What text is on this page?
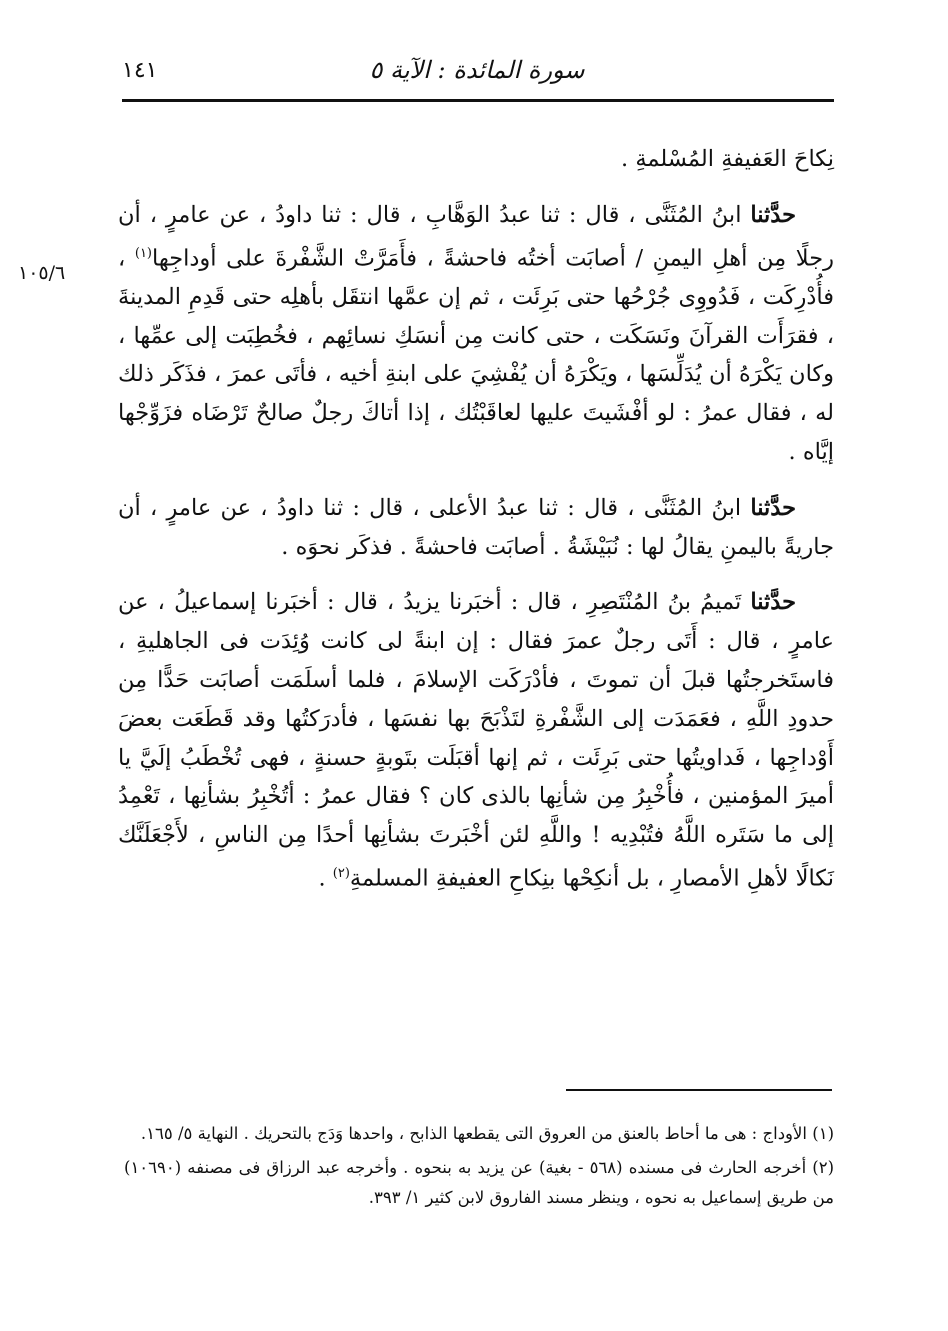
سورة المائدة : الآية ٥
١٤١
١٠٥/٦

نِكاحَ العَفيفةِ المُسْلمةِ .

حدَّثنا ابنُ المُثَنَّى ، قال : ثنا عبدُ الوَهَّابِ ، قال : ثنا داودُ ، عن عامرٍ ، أن رجلًا مِن أهلِ اليمنِ / أصابَت أختُه فاحشةً ، فأَمَرَّتْ الشَّفْرةَ على أوداجِها$^{(١)}$ ، فأُدْرِكَت ، فَدُووِى جُرْحُها حتى بَرِئَت ، ثم إن عمَّها انتقَل بأهلِه حتى قَدِمِ المدينةَ ، فقرَأَت القرآنَ ونَسَكَت ، حتى كانت مِن أنسَكِ نسائِهم ، فخُطِبَت إلى عمِّها ، وكان يَكْرَهُ أن يُدَلِّسَها ، ويَكْرَهُ أن يُفْشِيَ على ابنةِ أخيه ، فأتَى عمرَ ، فذَكَر ذلك له ، فقال عمرُ : لو أفْشَيتَ عليها لعاقَبْتُك ، إذا أتاكَ رجلٌ صالحٌ تَرْضَاه فزَوِّجْها إيَّاه .

حدَّثنا ابنُ المُثَنَّى ، قال : ثنا عبدُ الأعلى ، قال : ثنا داودُ ، عن عامرٍ ، أن جاريةً باليمنِ يقالُ لها : نُبَيْشَةُ . أصابَت فاحشةً . فذكَر نحوَه .

حدَّثنا تَميمُ بنُ المُنْتَصِرِ ، قال : أخبَرنا يزيدُ ، قال : أخبَرنا إسماعيلُ ، عن عامرٍ ، قال : أَتَى رجلٌ عمرَ فقال : إن ابنةً لى كانت وُئِدَت فى الجاهليةِ ، فاستَخرجتُها قبلَ أن تموتَ ، فأدْرَكَت الإسلامَ ، فلما أسلَمَت أصابَت حَدًّا مِن حدودِ اللَّهِ ، فعَمَدَت إلى الشَّفْرةِ لتَذْبَحَ بها نفسَها ، فأدرَكتُها وقد قَطَعَت بعضَ أَوْداجِها ، فَداويتُها حتى بَرِئَت ، ثم إنها أقبَلَت بتَوبةٍ حسنةٍ ، فهى تُخْطَبُ إلَيَّ يا أميرَ المؤمنين ، فأُخْبِرُ مِن شأنِها بالذى كان ؟ فقال عمرُ : أتُخْبِرُ بشأنِها ، تَعْمِدُ إلى ما سَتَره اللَّهُ فتُبْدِيه ! واللَّهِ لئن أخْبَرتَ بشأنِها أحدًا مِن الناسِ ، لأَجْعَلَنَّك نَكالًا لأهلِ الأمصارِ ، بل أنكِحْها بنِكاحِ العفيفةِ المسلمةِ$^{(٢)}$ .

(١) الأوداج : هى ما أحاط بالعنق من العروق التى يقطعها الذابح ، واحدها وَدَج بالتحريك . النهاية ٥/ ١٦٥.

(٢) أخرجه الحارث فى مسنده (٥٦٨ - بغية) عن يزيد به بنحوه . وأخرجه عبد الرزاق فى مصنفه (١٠٦٩٠) من طريق إسماعيل به نحوه ، وينظر مسند الفاروق لابن كثير ١/ ٣٩٣.
